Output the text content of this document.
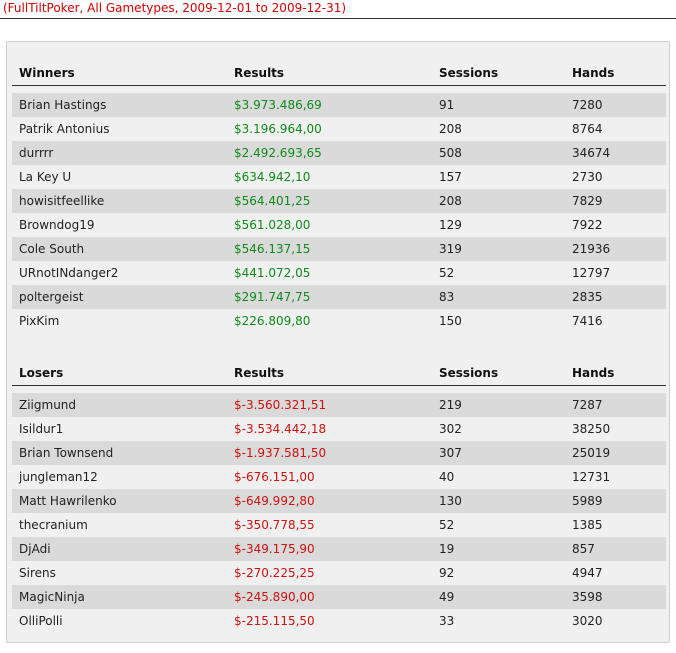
(FullTiltPoker, All Gametypes, 2009-12-01 to 2009-12-31)
Winners	Results	Sessions	Hands
Brian Hastings	$3.973.486,69	91	7280
Patrik Antonius	$3.196.964,00	208	8764
durrrr	$2.492.693,65	508	34674
La Key U	$634.942,10	157	2730
howisitfeellike	$564.401,25	208	7829
Browndog19	$561.028,00	129	7922
Cole South	$546.137,15	319	21936
URnotINdanger2	$441.072,05	52	12797
poltergeist	$291.747,75	83	2835
PixKim	$226.809,80	150	7416
Losers	Results	Sessions	Hands
Ziigmund	$-3.560.321,51	219	7287
Isildur1	$-3.534.442,18	302	38250
Brian Townsend	$-1.937.581,50	307	25019
jungleman12	$-676.151,00	40	12731
Matt Hawrilenko	$-649.992,80	130	5989
thecranium	$-350.778,55	52	1385
DjAdi	$-349.175,90	19	857
Sirens	$-270.225,25	92	4947
MagicNinja	$-245.890,00	49	3598
OlliPolli	$-215.115,50	33	3020
